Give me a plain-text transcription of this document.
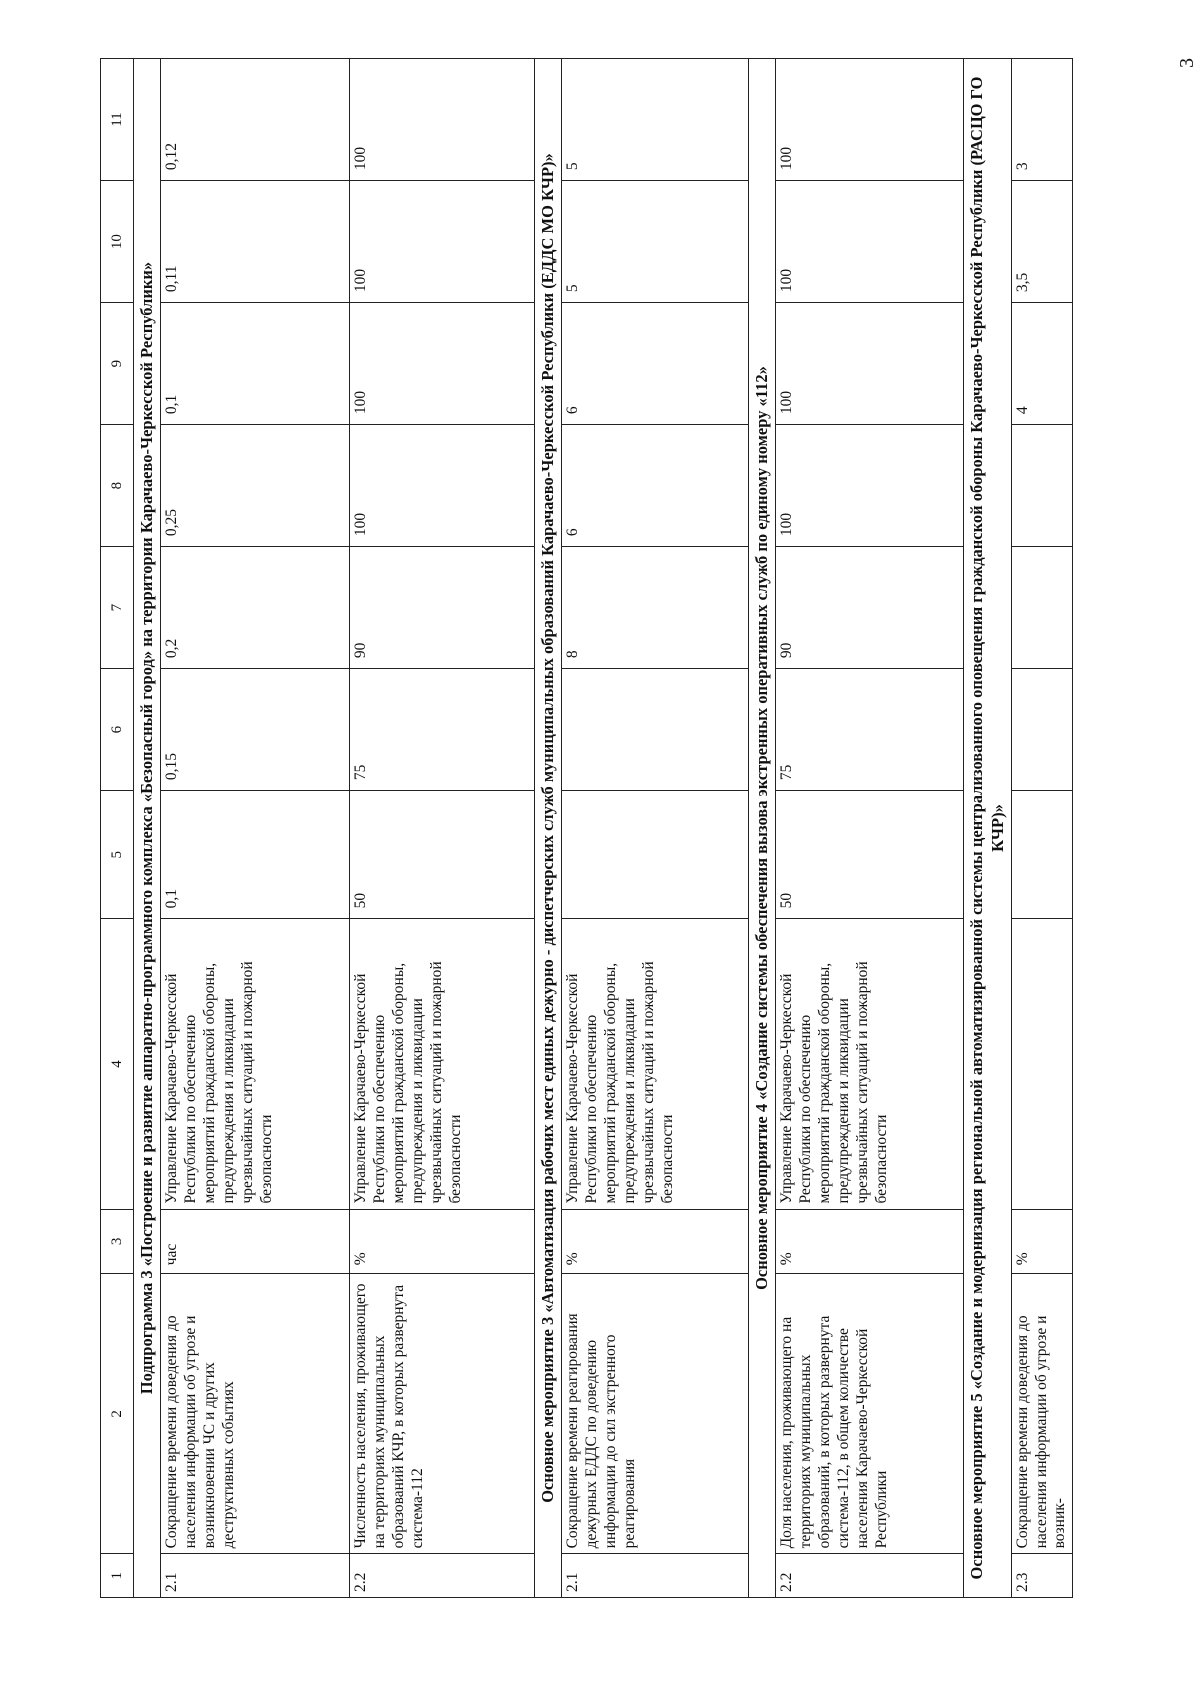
3
1	2	3	4	5	6	7	8	9	10	11
Подпрограмма 3 «Построение и развитие аппаратно-программного комплекса «Безопасный город» на территории Карачаево-Черкесской Республики»										
2.1	Сокращение времени доведения до населения информации об угрозе и возникновении ЧС и других деструктивных событиях	час	Управление Карачаево-Черкесской Республики по обеспечению мероприятий гражданской обороны, предупреждения и ликвидации чрезвычайных ситуаций и пожарной безопасности	0,1	0,15	0,2	0,25	0,1	0,11	0,12
2.2	Численность населения, проживающего на территориях муниципальных образований КЧР, в которых развернута система-112	%	Управление Карачаево-Черкесской Республики по обеспечению мероприятий гражданской обороны, предупреждения и ликвидации чрезвычайных ситуаций и пожарной безопасности	50	75	90	100	100	100	100
Основное мероприятие 3 «Автоматизация рабочих мест единых дежурно - диспетчерских служб муниципальных образований Карачаево-Черкесской Республики (ЕДДС МО КЧР)»										
2.1	Сокращение времени реагирования дежурных ЕДДС по доведению информации до сил экстренного реагирования	%	Управление Карачаево-Черкесской Республики по обеспечению мероприятий гражданской обороны, предупреждения и ликвидации чрезвычайных ситуаций и пожарной безопасности			8	6	6	5	5
Основное мероприятие 4 «Создание системы обеспечения вызова экстренных оперативных служб по единому номеру «112»										
2.2	Доля населения, проживающего на территориях муниципальных образований, в которых развернута система-112, в общем количестве населения Карачаево-Черкесской Республики	%	Управление Карачаево-Черкесской Республики по обеспечению мероприятий гражданской обороны, предупреждения и ликвидации чрезвычайных ситуаций и пожарной безопасности	50	75	90	100	100	100	100
Основное мероприятие 5 «Создание и модернизация региональной автоматизированной системы централизованного оповещения гражданской обороны Карачаево-Черкесской Республики (РАСЦО ГО КЧР)»										
2.3	Сокращение времени доведения до населения информации об угрозе и возник-	%						4	3,5	3
